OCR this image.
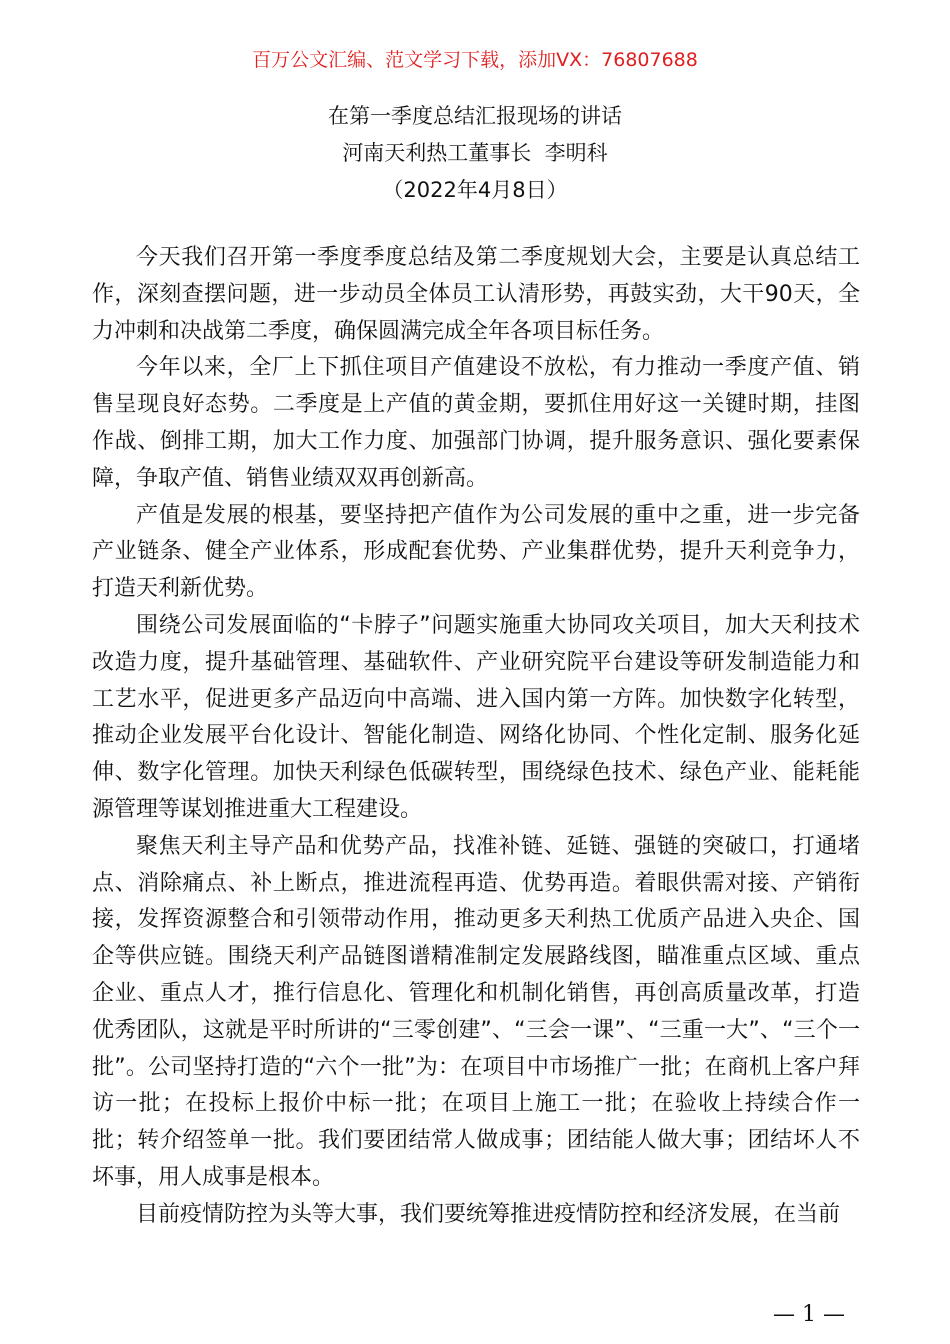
百万公文汇编、范文学习下载，添加VX：76807688
在第一季度总结汇报现场的讲话
河南天利热工董事长  李明科
（2022年4月8日）

今天我们召开第一季度季度总结及第二季度规划大会，主要是认真总结工作，深刻查摆问题，进一步动员全体员工认清形势，再鼓实劲，大干90天，全力冲刺和决战第二季度，确保圆满完成全年各项目标任务。

今年以来，全厂上下抓住项目产值建设不放松，有力推动一季度产值、销售呈现良好态势。二季度是上产值的黄金期，要抓住用好这一关键时期，挂图作战、倒排工期，加大工作力度、加强部门协调，提升服务意识、强化要素保障，争取产值、销售业绩双双再创新高。

产值是发展的根基，要坚持把产值作为公司发展的重中之重，进一步完备产业链条、健全产业体系，形成配套优势、产业集群优势，提升天利竞争力，打造天利新优势。

围绕公司发展面临的“卡脖子”问题实施重大协同攻关项目，加大天利技术改造力度，提升基础管理、基础软件、产业研究院平台建设等研发制造能力和工艺水平，促进更多产品迈向中高端、进入国内第一方阵。加快数字化转型，推动企业发展平台化设计、智能化制造、网络化协同、个性化定制、服务化延伸、数字化管理。加快天利绿色低碳转型，围绕绿色技术、绿色产业、能耗能源管理等谋划推进重大工程建设。

聚焦天利主导产品和优势产品，找准补链、延链、强链的突破口，打通堵点、消除痛点、补上断点，推进流程再造、优势再造。着眼供需对接、产销衔接，发挥资源整合和引领带动作用，推动更多天利热工优质产品进入央企、国企等供应链。围绕天利产品链图谱精准制定发展路线图，瞄准重点区域、重点企业、重点人才，推行信息化、管理化和机制化销售，再创高质量改革，打造优秀团队，这就是平时所讲的“三零创建”、“三会一课”、“三重一大”、“三个一批”。公司坚持打造的“六个一批”为：在项目中市场推广一批；在商机上客户拜访一批；在投标上报价中标一批；在项目上施工一批；在验收上持续合作一批；转介绍签单一批。我们要团结常人做成事；团结能人做大事；团结坏人不坏事，用人成事是根本。

目前疫情防控为头等大事，我们要统筹推进疫情防控和经济发展，在当前

— 1 —
